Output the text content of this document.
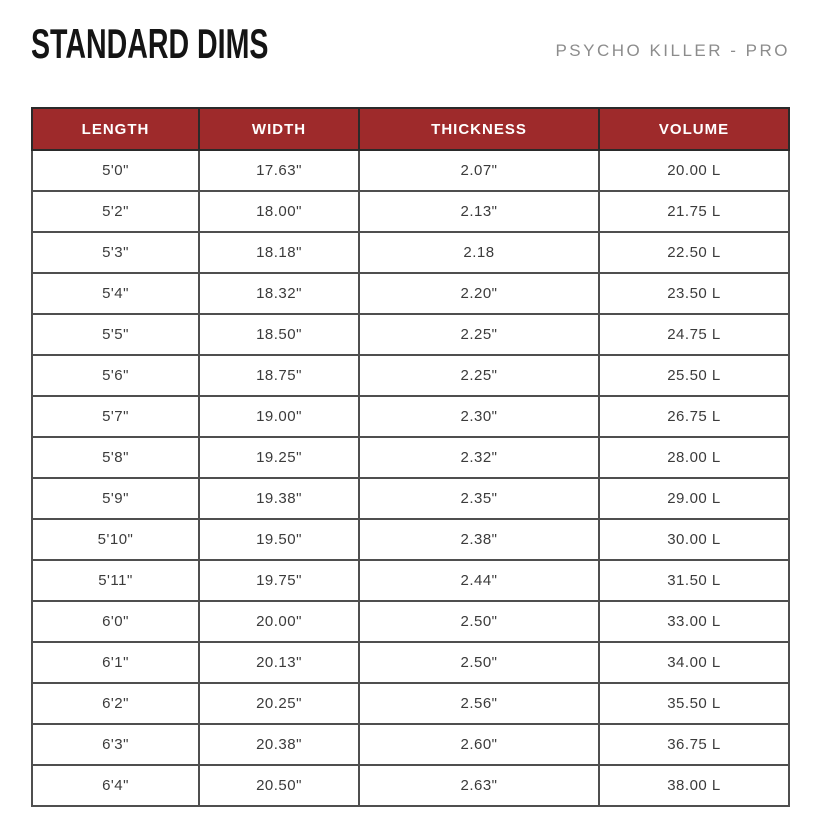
STANDARD DIMS	PSYCHO KILLER - PRO
LENGTH	WIDTH	THICKNESS	VOLUME
5'0"	17.63"	2.07"	20.00 L
5'2"	18.00"	2.13"	21.75 L
5'3"	18.18"	2.18	22.50 L
5'4"	18.32"	2.20"	23.50 L
5'5"	18.50"	2.25"	24.75 L
5'6"	18.75"	2.25"	25.50 L
5'7"	19.00"	2.30"	26.75 L
5'8"	19.25"	2.32"	28.00 L
5'9"	19.38"	2.35"	29.00 L
5'10"	19.50"	2.38"	30.00 L
5'11"	19.75"	2.44"	31.50 L
6'0"	20.00"	2.50"	33.00 L
6'1"	20.13"	2.50"	34.00 L
6'2"	20.25"	2.56"	35.50 L
6'3"	20.38"	2.60"	36.75 L
6'4"	20.50"	2.63"	38.00 L
